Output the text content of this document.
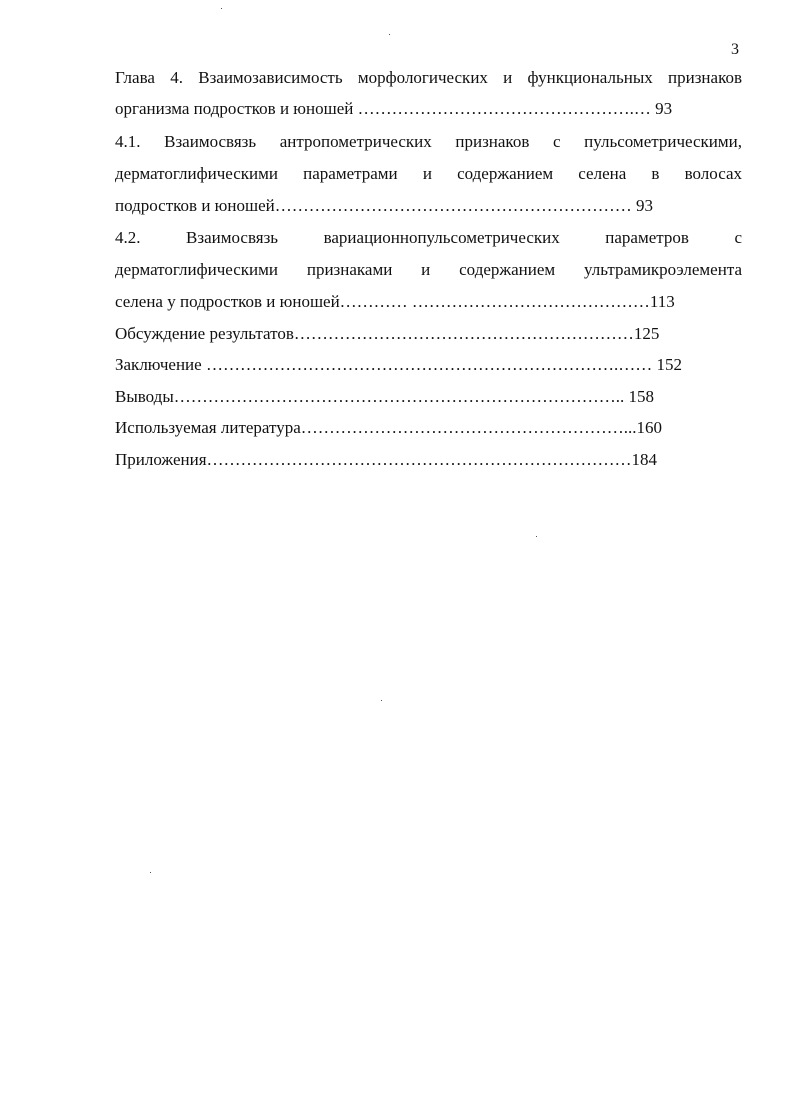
3
Глава 4. Взаимозависимость морфологических и функциональных признаков
организма подростков и юношей ………………………………………….… 93
4.1. Взаимосвязь антропометрических признаков с пульсометрическими,
дерматоглифическими параметрами и содержанием селена в волосах
подростков и юношей……………………………………………………… 93
4.2. Взаимосвязь вариационнопульсометрических параметров с
дерматоглифическими признаками и содержанием ультрамикроэлемента
селена у подростков и юношей………… ……………………………………113
Обсуждение результатов……………………………………………………125
Заключение ……………………………………………………………….…… 152
Выводы…………………………………………………………………….. 158
Используемая литература…………………………………………………...160
Приложения…………………………………………………………………184
